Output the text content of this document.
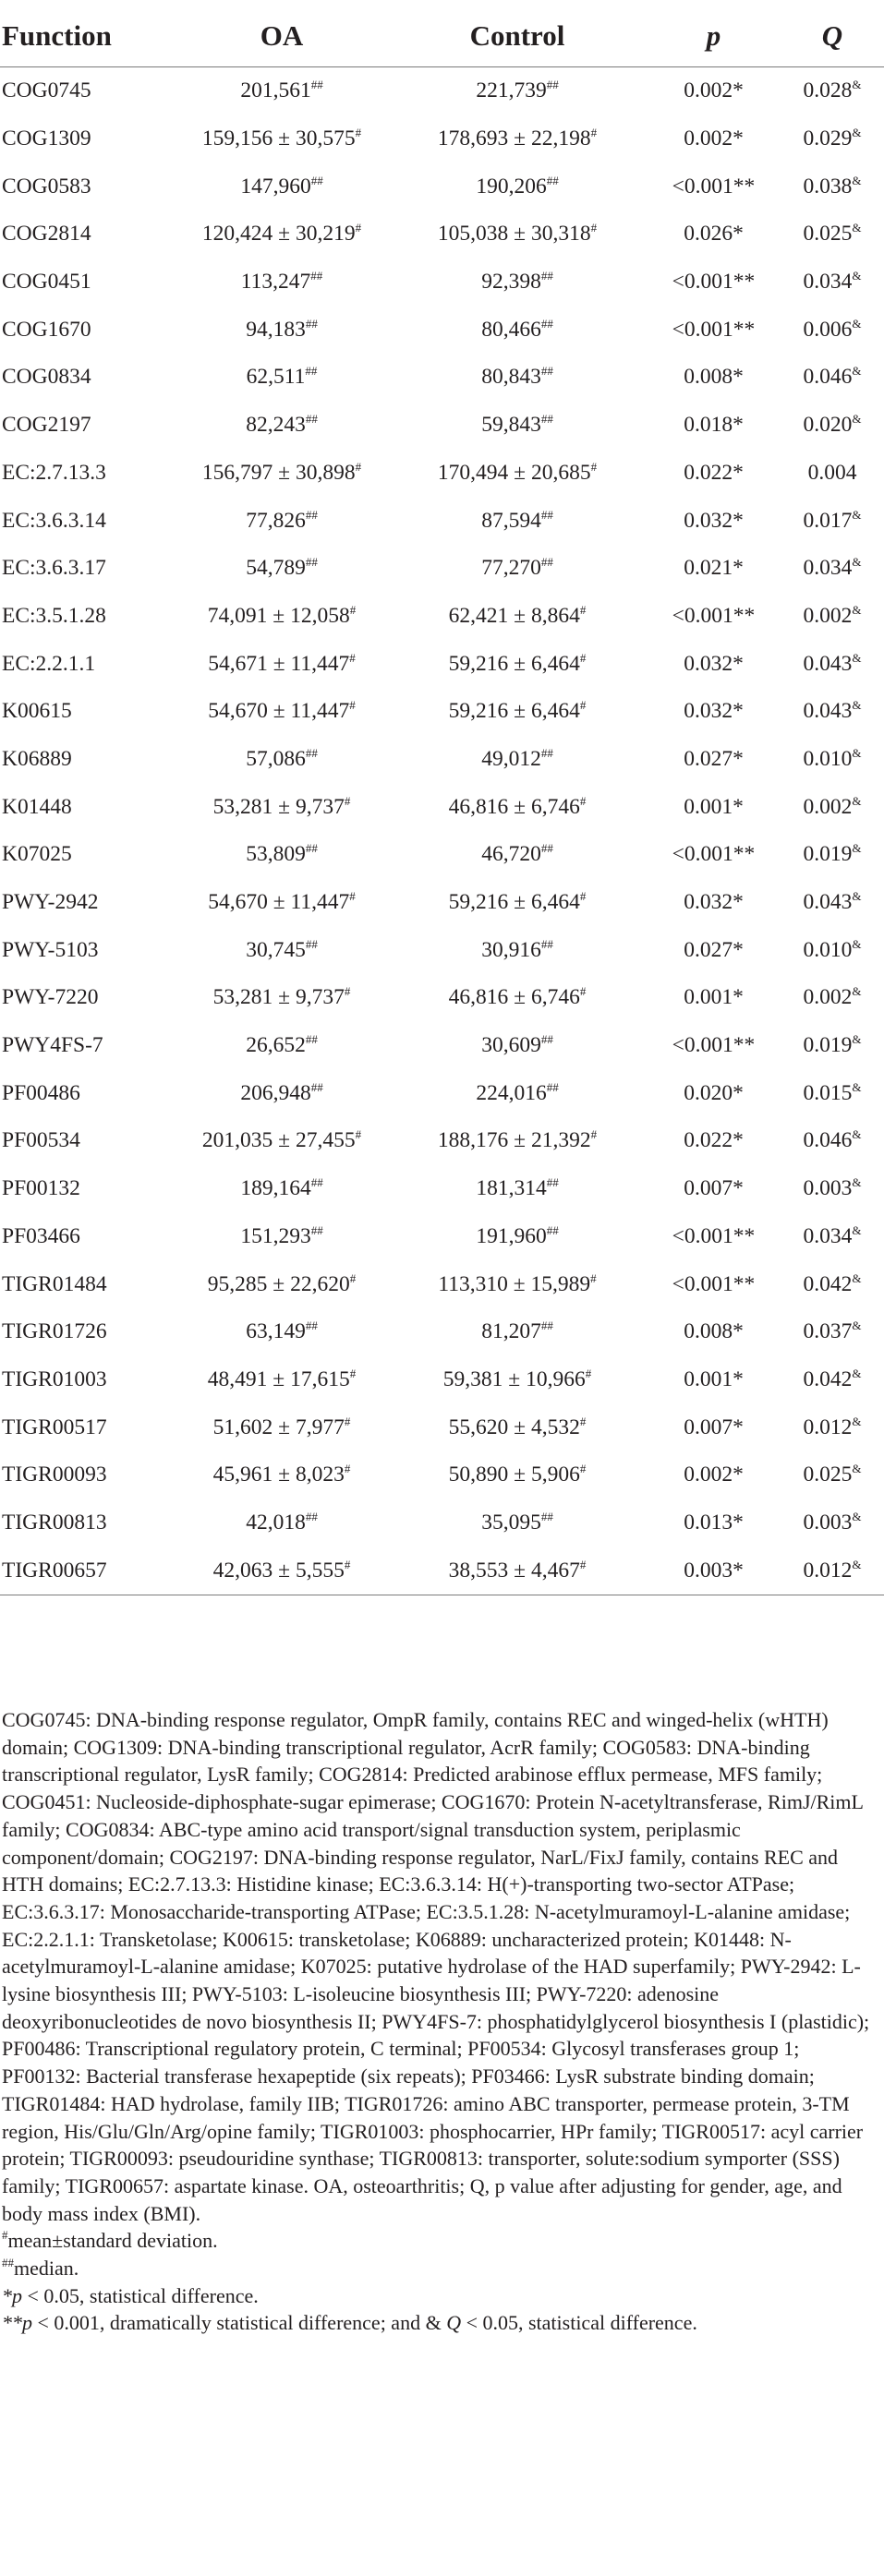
Function	OA	Control	p	Q
COG0745	201,561##	221,739##	0.002*	0.028&
COG1309	159,156 ± 30,575#	178,693 ± 22,198#	0.002*	0.029&
COG0583	147,960##	190,206##	<0.001**	0.038&
COG2814	120,424 ± 30,219#	105,038 ± 30,318#	0.026*	0.025&
COG0451	113,247##	92,398##	<0.001**	0.034&
COG1670	94,183##	80,466##	<0.001**	0.006&
COG0834	62,511##	80,843##	0.008*	0.046&
COG2197	82,243##	59,843##	0.018*	0.020&
EC:2.7.13.3	156,797 ± 30,898#	170,494 ± 20,685#	0.022*	0.004
EC:3.6.3.14	77,826##	87,594##	0.032*	0.017&
EC:3.6.3.17	54,789##	77,270##	0.021*	0.034&
EC:3.5.1.28	74,091 ± 12,058#	62,421 ± 8,864#	<0.001**	0.002&
EC:2.2.1.1	54,671 ± 11,447#	59,216 ± 6,464#	0.032*	0.043&
K00615	54,670 ± 11,447#	59,216 ± 6,464#	0.032*	0.043&
K06889	57,086##	49,012##	0.027*	0.010&
K01448	53,281 ± 9,737#	46,816 ± 6,746#	0.001*	0.002&
K07025	53,809##	46,720##	<0.001**	0.019&
PWY-2942	54,670 ± 11,447#	59,216 ± 6,464#	0.032*	0.043&
PWY-5103	30,745##	30,916##	0.027*	0.010&
PWY-7220	53,281 ± 9,737#	46,816 ± 6,746#	0.001*	0.002&
PWY4FS-7	26,652##	30,609##	<0.001**	0.019&
PF00486	206,948##	224,016##	0.020*	0.015&
PF00534	201,035 ± 27,455#	188,176 ± 21,392#	0.022*	0.046&
PF00132	189,164##	181,314##	0.007*	0.003&
PF03466	151,293##	191,960##	<0.001**	0.034&
TIGR01484	95,285 ± 22,620#	113,310 ± 15,989#	<0.001**	0.042&
TIGR01726	63,149##	81,207##	0.008*	0.037&
TIGR01003	48,491 ± 17,615#	59,381 ± 10,966#	0.001*	0.042&
TIGR00517	51,602 ± 7,977#	55,620 ± 4,532#	0.007*	0.012&
TIGR00093	45,961 ± 8,023#	50,890 ± 5,906#	0.002*	0.025&
TIGR00813	42,018##	35,095##	0.013*	0.003&
TIGR00657	42,063 ± 5,555#	38,553 ± 4,467#	0.003*	0.012&

COG0745: DNA-binding response regulator, OmpR family, contains REC and winged-helix (wHTH) domain; COG1309: DNA-binding transcriptional regulator, AcrR family; COG0583: DNA-binding transcriptional regulator, LysR family; COG2814: Predicted arabinose efflux permease, MFS family; COG0451: Nucleoside-diphosphate-sugar epimerase; COG1670: Protein N-acetyltransferase, RimJ/RimL family; COG0834: ABC-type amino acid transport/signal transduction system, periplasmic component/domain; COG2197: DNA-binding response regulator, NarL/FixJ family, contains REC and HTH domains; EC:2.7.13.3: Histidine kinase; EC:3.6.3.14: H(+)-transporting two-sector ATPase; EC:3.6.3.17: Monosaccharide-transporting ATPase; EC:3.5.1.28: N-acetylmuramoyl-L-alanine amidase; EC:2.2.1.1: Transketolase; K00615: transketolase; K06889: uncharacterized protein; K01448: N-acetylmuramoyl-L-alanine amidase; K07025: putative hydrolase of the HAD superfamily; PWY-2942: L-lysine biosynthesis III; PWY-5103: L-isoleucine biosynthesis III; PWY-7220: adenosine deoxyribonucleotides de novo biosynthesis II; PWY4FS-7: phosphatidylglycerol biosynthesis I (plastidic); PF00486: Transcriptional regulatory protein, C terminal; PF00534: Glycosyl transferases group 1; PF00132: Bacterial transferase hexapeptide (six repeats); PF03466: LysR substrate binding domain; TIGR01484: HAD hydrolase, family IIB; TIGR01726: amino ABC transporter, permease protein, 3-TM region, His/Glu/Gln/Arg/opine family; TIGR01003: phosphocarrier, HPr family; TIGR00517: acyl carrier protein; TIGR00093: pseudouridine synthase; TIGR00813: transporter, solute:sodium symporter (SSS) family; TIGR00657: aspartate kinase. OA, osteoarthritis; Q, p value after adjusting for gender, age, and body mass index (BMI).

#mean±standard deviation.

##median.

*p < 0.05, statistical difference.

**p < 0.001, dramatically statistical difference; and & Q < 0.05, statistical difference.
